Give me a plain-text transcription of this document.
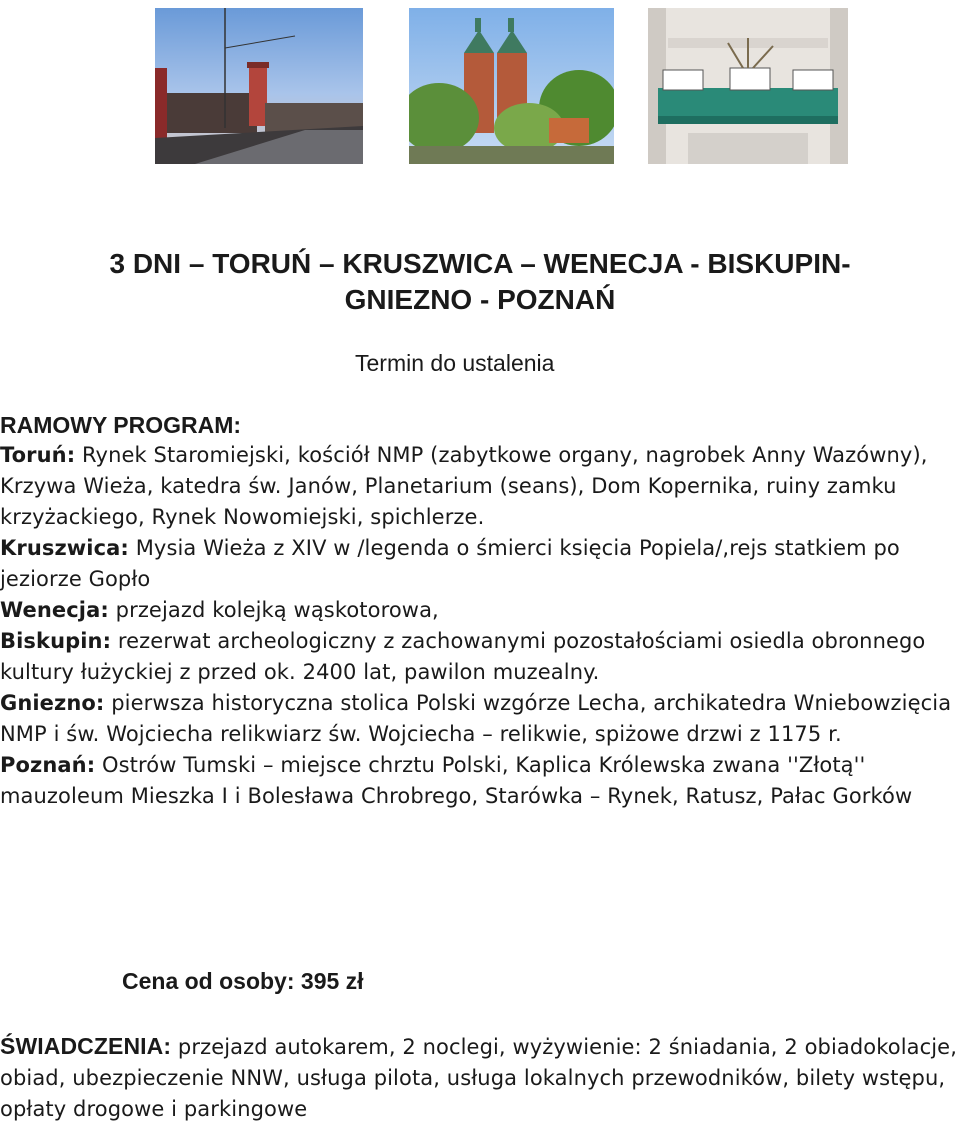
3 DNI – TORUŃ – KRUSZWICA – WENECJA - BISKUPIN-
GNIEZNO - POZNAŃ
Termin do ustalenia

RAMOWY PROGRAM:

Toruń: Rynek Staromiejski, kościół NMP (zabytkowe organy, nagrobek Anny Wazówny), Krzywa Wieża, katedra św. Janów, Planetarium (seans), Dom Kopernika, ruiny zamku krzyżackiego, Rynek Nowomiejski, spichlerze.

Kruszwica: Mysia Wieża z XIV w /legenda o śmierci księcia Popiela/,rejs statkiem po jeziorze Gopło

Wenecja: przejazd kolejką wąskotorowa,

Biskupin: rezerwat archeologiczny z zachowanymi pozostałościami osiedla obronnego kultury łużyckiej z przed ok. 2400 lat, pawilon muzealny.

Gniezno: pierwsza historyczna stolica Polski wzgórze Lecha, archikatedra Wniebowzięcia NMP i św. Wojciecha relikwiarz św. Wojciecha – relikwie, spiżowe drzwi z 1175 r.

Poznań: Ostrów Tumski – miejsce chrztu Polski, Kaplica Królewska zwana ''Złotą'' mauzoleum Mieszka I i Bolesława Chrobrego, Starówka – Rynek, Ratusz, Pałac Gorków

Cena od osoby: 395 zł

ŚWIADCZENIA: przejazd autokarem, 2 noclegi, wyżywienie: 2 śniadania, 2 obiadokolacje, obiad, ubezpieczenie NNW, usługa pilota, usługa lokalnych przewodników, bilety wstępu, opłaty drogowe i parkingowe
